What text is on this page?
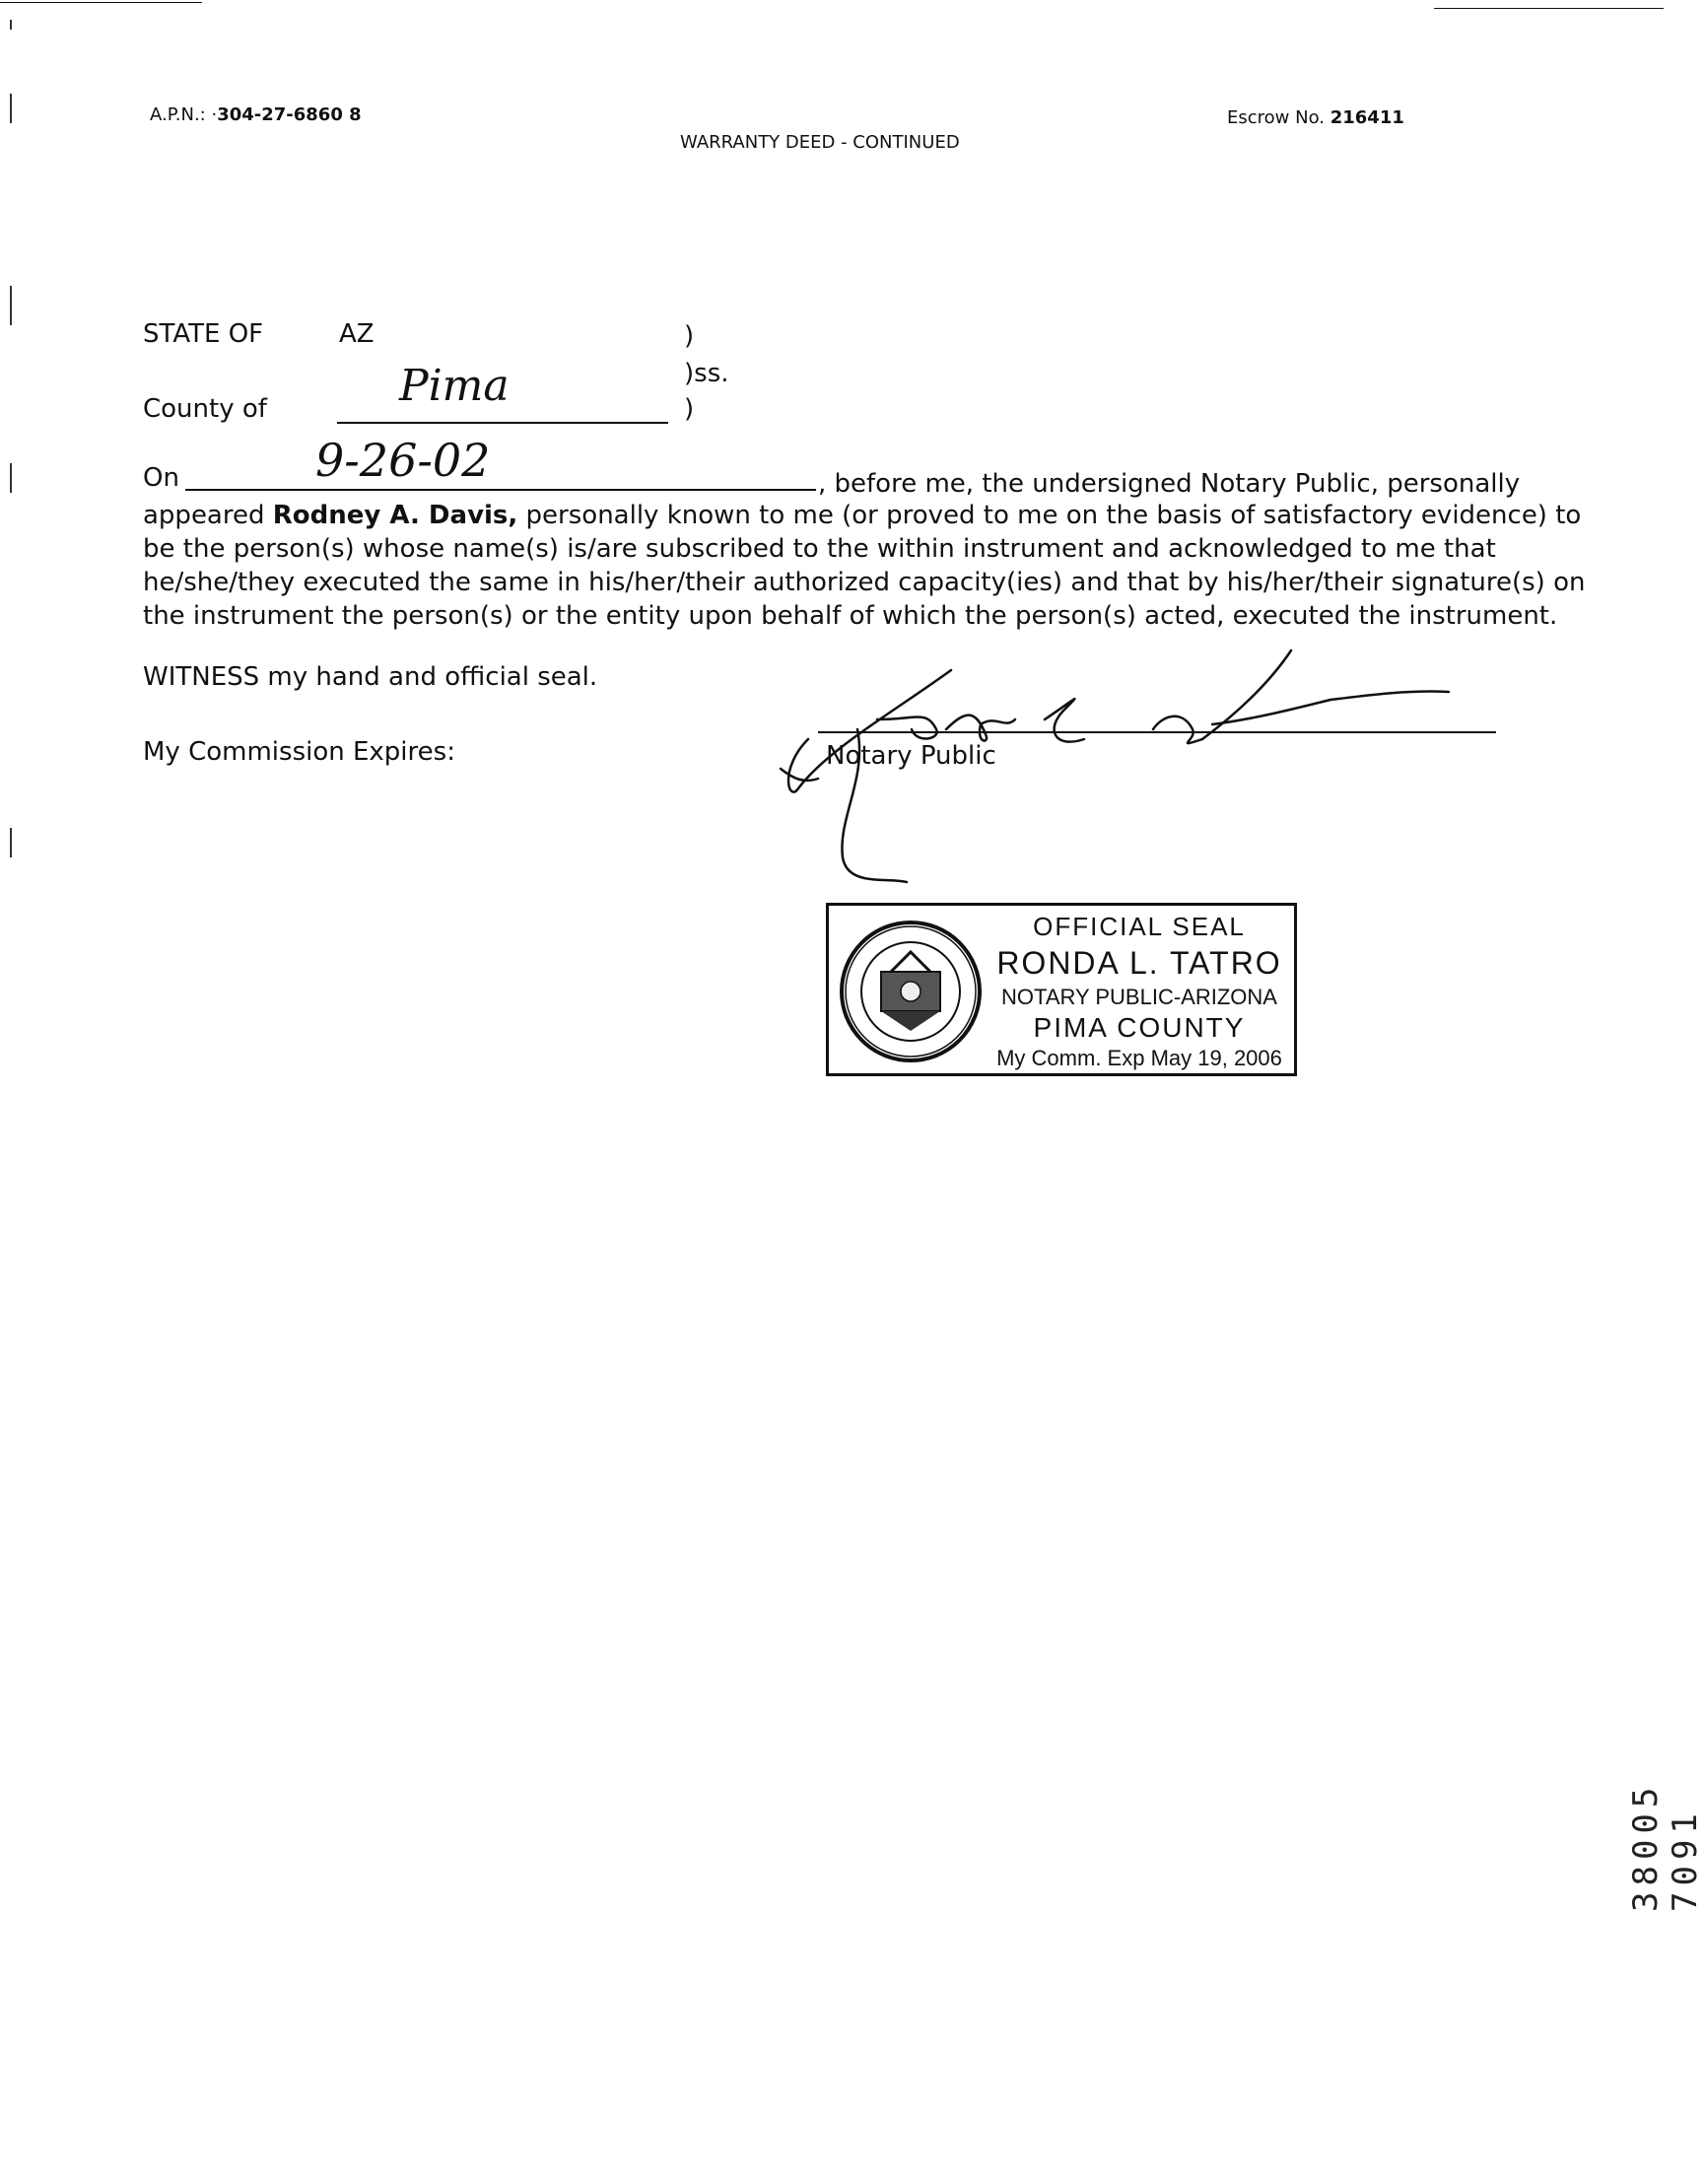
A.P.N.: ·304-27-6860 8	Escrow No. 216411
WARRANTY DEED - CONTINUED
STATE OF	AZ	)
)ss.
County of	Pima	)
On	9-26-02	, before me, the undersigned Notary Public, personally
appeared Rodney A. Davis, personally known to me (or proved to me on the basis of satisfactory evidence) to
be the person(s) whose name(s) is/are subscribed to the within instrument and acknowledged to me that
he/she/they executed the same in his/her/their authorized capacity(ies) and that by his/her/their signature(s) on
the instrument the person(s) or the entity upon behalf of which the person(s) acted, executed the instrument.
WITNESS my hand and official seal.
My Commission Expires:	Notary Public
OFFICIAL SEAL
RONDA L. TATRO
NOTARY PUBLIC-ARIZONA
PIMA COUNTY
My Comm. Exp May 19, 2006
38005 7091
